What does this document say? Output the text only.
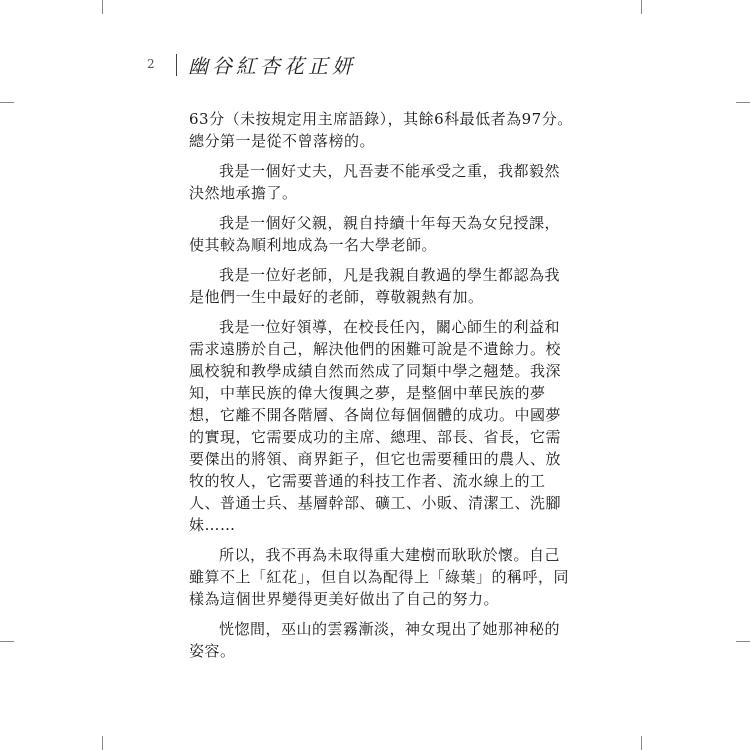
2 幽谷紅杏花正妍

63分（未按規定用主席語錄），其餘6科最低者為97分。總分第一是從不曾落榜的。

我是一個好丈夫，凡吾妻不能承受之重，我都毅然決然地承擔了。

我是一個好父親，親自持續十年每天為女兒授課，使其較為順利地成為一名大學老師。

我是一位好老師，凡是我親自教過的學生都認為我是他們一生中最好的老師，尊敬親熱有加。

我是一位好領導，在校長任內，關心師生的利益和需求遠勝於自己，解決他們的困難可說是不遺餘力。校風校貌和教學成績自然而然成了同類中學之翹楚。我深知，中華民族的偉大復興之夢，是整個中華民族的夢想，它離不開各階層、各崗位每個個體的成功。中國夢的實現，它需要成功的主席、總理、部長、省長，它需要傑出的將領、商界鉅子，但它也需要種田的農人、放牧的牧人，它需要普通的科技工作者、流水線上的工人、普通士兵、基層幹部、礦工、小販、清潔工、洗腳妹……

所以，我不再為未取得重大建樹而耿耿於懷。自己雖算不上「紅花」，但自以為配得上「綠葉」的稱呼，同樣為這個世界變得更美好做出了自己的努力。

恍惚間，巫山的雲霧漸淡，神女現出了她那神秘的姿容。
